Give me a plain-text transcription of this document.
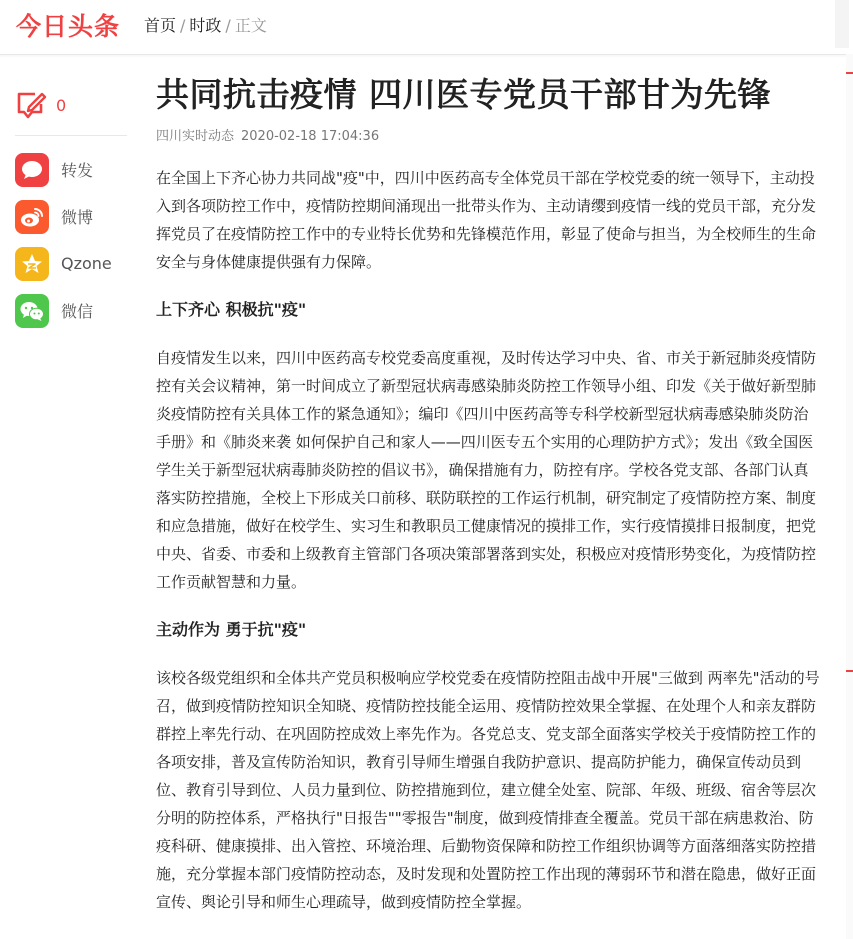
今日头条 首页 / 时政 / 正文
0
转发
微博
Qzone
微信
共同抗击疫情 四川医专党员干部甘为先锋
四川实时动态 2020-02-18 17:04:36

在全国上下齐心协力共同战"疫"中，四川中医药高专全体党员干部在学校党委的统一领导下，主动投入到各项防控工作中，疫情防控期间涌现出一批带头作为、主动请缨到疫情一线的党员干部，充分发挥党员了在疫情防控工作中的专业特长优势和先锋模范作用，彰显了使命与担当，为全校师生的生命安全与身体健康提供强有力保障。

上下齐心 积极抗"疫"

自疫情发生以来，四川中医药高专校党委高度重视，及时传达学习中央、省、市关于新冠肺炎疫情防控有关会议精神，第一时间成立了新型冠状病毒感染肺炎防控工作领导小组、印发《关于做好新型肺炎疫情防控有关具体工作的紧急通知》；编印《四川中医药高等专科学校新型冠状病毒感染肺炎防治手册》和《肺炎来袭 如何保护自己和家人——四川医专五个实用的心理防护方式》；发出《致全国医学生关于新型冠状病毒肺炎防控的倡议书》，确保措施有力，防控有序。学校各党支部、各部门认真落实防控措施，全校上下形成关口前移、联防联控的工作运行机制，研究制定了疫情防控方案、制度和应急措施，做好在校学生、实习生和教职员工健康情况的摸排工作，实行疫情摸排日报制度，把党中央、省委、市委和上级教育主管部门各项决策部署落到实处，积极应对疫情形势变化，为疫情防控工作贡献智慧和力量。

主动作为 勇于抗"疫"

该校各级党组织和全体共产党员积极响应学校党委在疫情防控阻击战中开展"三做到 两率先"活动的号召，做到疫情防控知识全知晓、疫情防控技能全运用、疫情防控效果全掌握、在处理个人和亲友群防群控上率先行动、在巩固防控成效上率先作为。各党总支、党支部全面落实学校关于疫情防控工作的各项安排，普及宣传防治知识，教育引导师生增强自我防护意识、提高防护能力，确保宣传动员到位、教育引导到位、人员力量到位、防控措施到位，建立健全处室、院部、年级、班级、宿舍等层次分明的防控体系，严格执行"日报告""零报告"制度，做到疫情排查全覆盖。党员干部在病患救治、防疫科研、健康摸排、出入管控、环境治理、后勤物资保障和防控工作组织协调等方面落细落实防控措施，充分掌握本部门疫情防控动态，及时发现和处置防控工作出现的薄弱环节和潜在隐患，做好正面宣传、舆论引导和师生心理疏导，做到疫情防控全掌握。
